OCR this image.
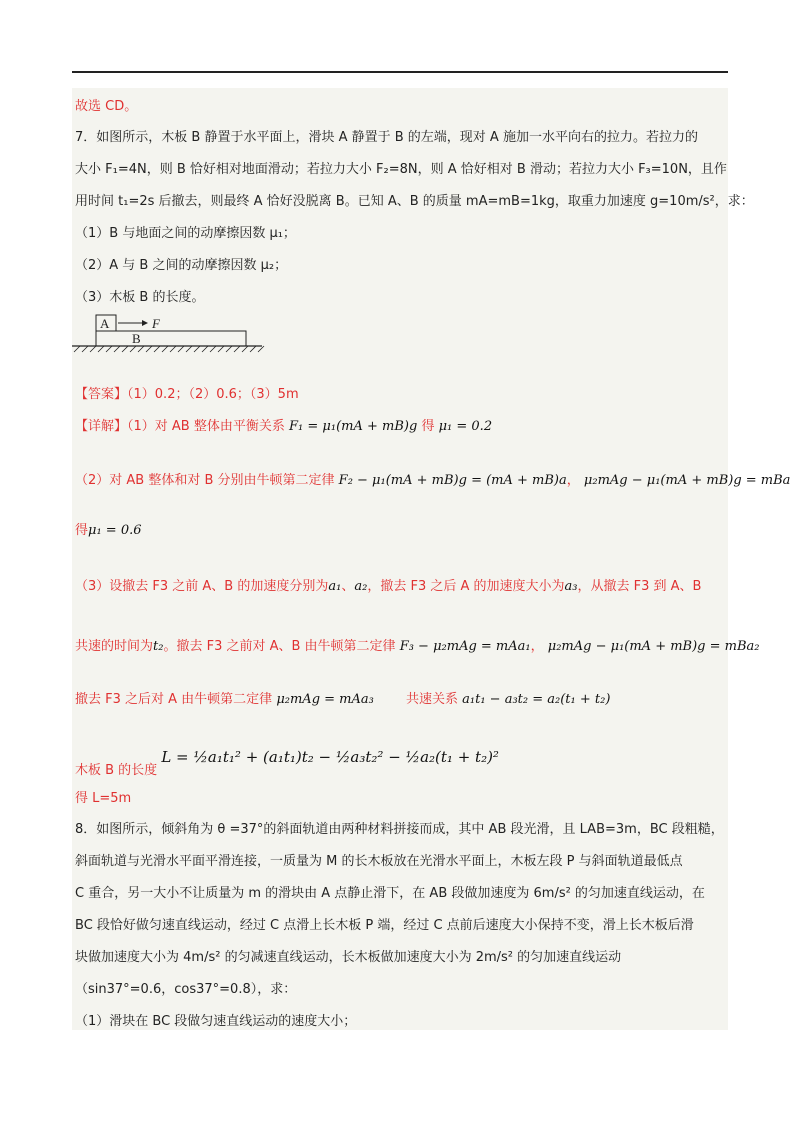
故选 CD。
7．如图所示，木板 B 静置于水平面上，滑块 A 静置于 B 的左端，现对 A 施加一水平向右的拉力。若拉力的
大小 F₁=4N，则 B 恰好相对地面滑动；若拉力大小 F₂=8N，则 A 恰好相对 B 滑动；若拉力大小 F₃=10N，且作
用时间 t₁=2s 后撤去，则最终 A 恰好没脱离 B。已知 A、B 的质量 mA=mB=1kg，取重力加速度 g=10m/s²，求：
（1）B 与地面之间的动摩擦因数 μ₁；
（2）A 与 B 之间的动摩擦因数 μ₂；
（3）木板 B 的长度。
A	F
B
【答案】（1）0.2；（2）0.6；（3）5m
【详解】（1）对 AB 整体由平衡关系 F₁ = μ₁(mA + mB)g 得 μ₁ = 0.2
（2）对 AB 整体和对 B 分别由牛顿第二定律 F₂ − μ₁(mA + mB)g = (mA + mB)a， μ₂mAg − μ₁(mA + mB)g = mBa
得μ₁ = 0.6
（3）设撤去 F3 之前 A、B 的加速度分别为a₁、a₂，撤去 F3 之后 A 的加速度大小为a₃，从撤去 F3 到 A、B
共速的时间为t₂。撤去 F3 之前对 A、B 由牛顿第二定律 F₃ − μ₂mAg = mAa₁， μ₂mAg − μ₁(mA + mB)g = mBa₂
撤去 F3 之后对 A 由牛顿第二定律 μ₂mAg = mAa₃ 共速关系 a₁t₁ − a₃t₂ = a₂(t₁ + t₂)
木板 B 的长度 L = ½a₁t₁² + (a₁t₁)t₂ − ½a₃t₂² − ½a₂(t₁ + t₂)²
得 L=5m
8．如图所示，倾斜角为 θ =37°的斜面轨道由两种材料拼接而成，其中 AB 段光滑，且 LAB=3m，BC 段粗糙，
斜面轨道与光滑水平面平滑连接，一质量为 M 的长木板放在光滑水平面上，木板左段 P 与斜面轨道最低点
C 重合，另一大小不让质量为 m 的滑块由 A 点静止滑下，在 AB 段做加速度为 6m/s² 的匀加速直线运动，在
BC 段恰好做匀速直线运动，经过 C 点滑上长木板 P 端，经过 C 点前后速度大小保持不变，滑上长木板后滑
块做加速度大小为 4m/s² 的匀减速直线运动，长木板做加速度大小为 2m/s² 的匀加速直线运动
（sin37°=0.6，cos37°=0.8），求：
（1）滑块在 BC 段做匀速直线运动的速度大小；
